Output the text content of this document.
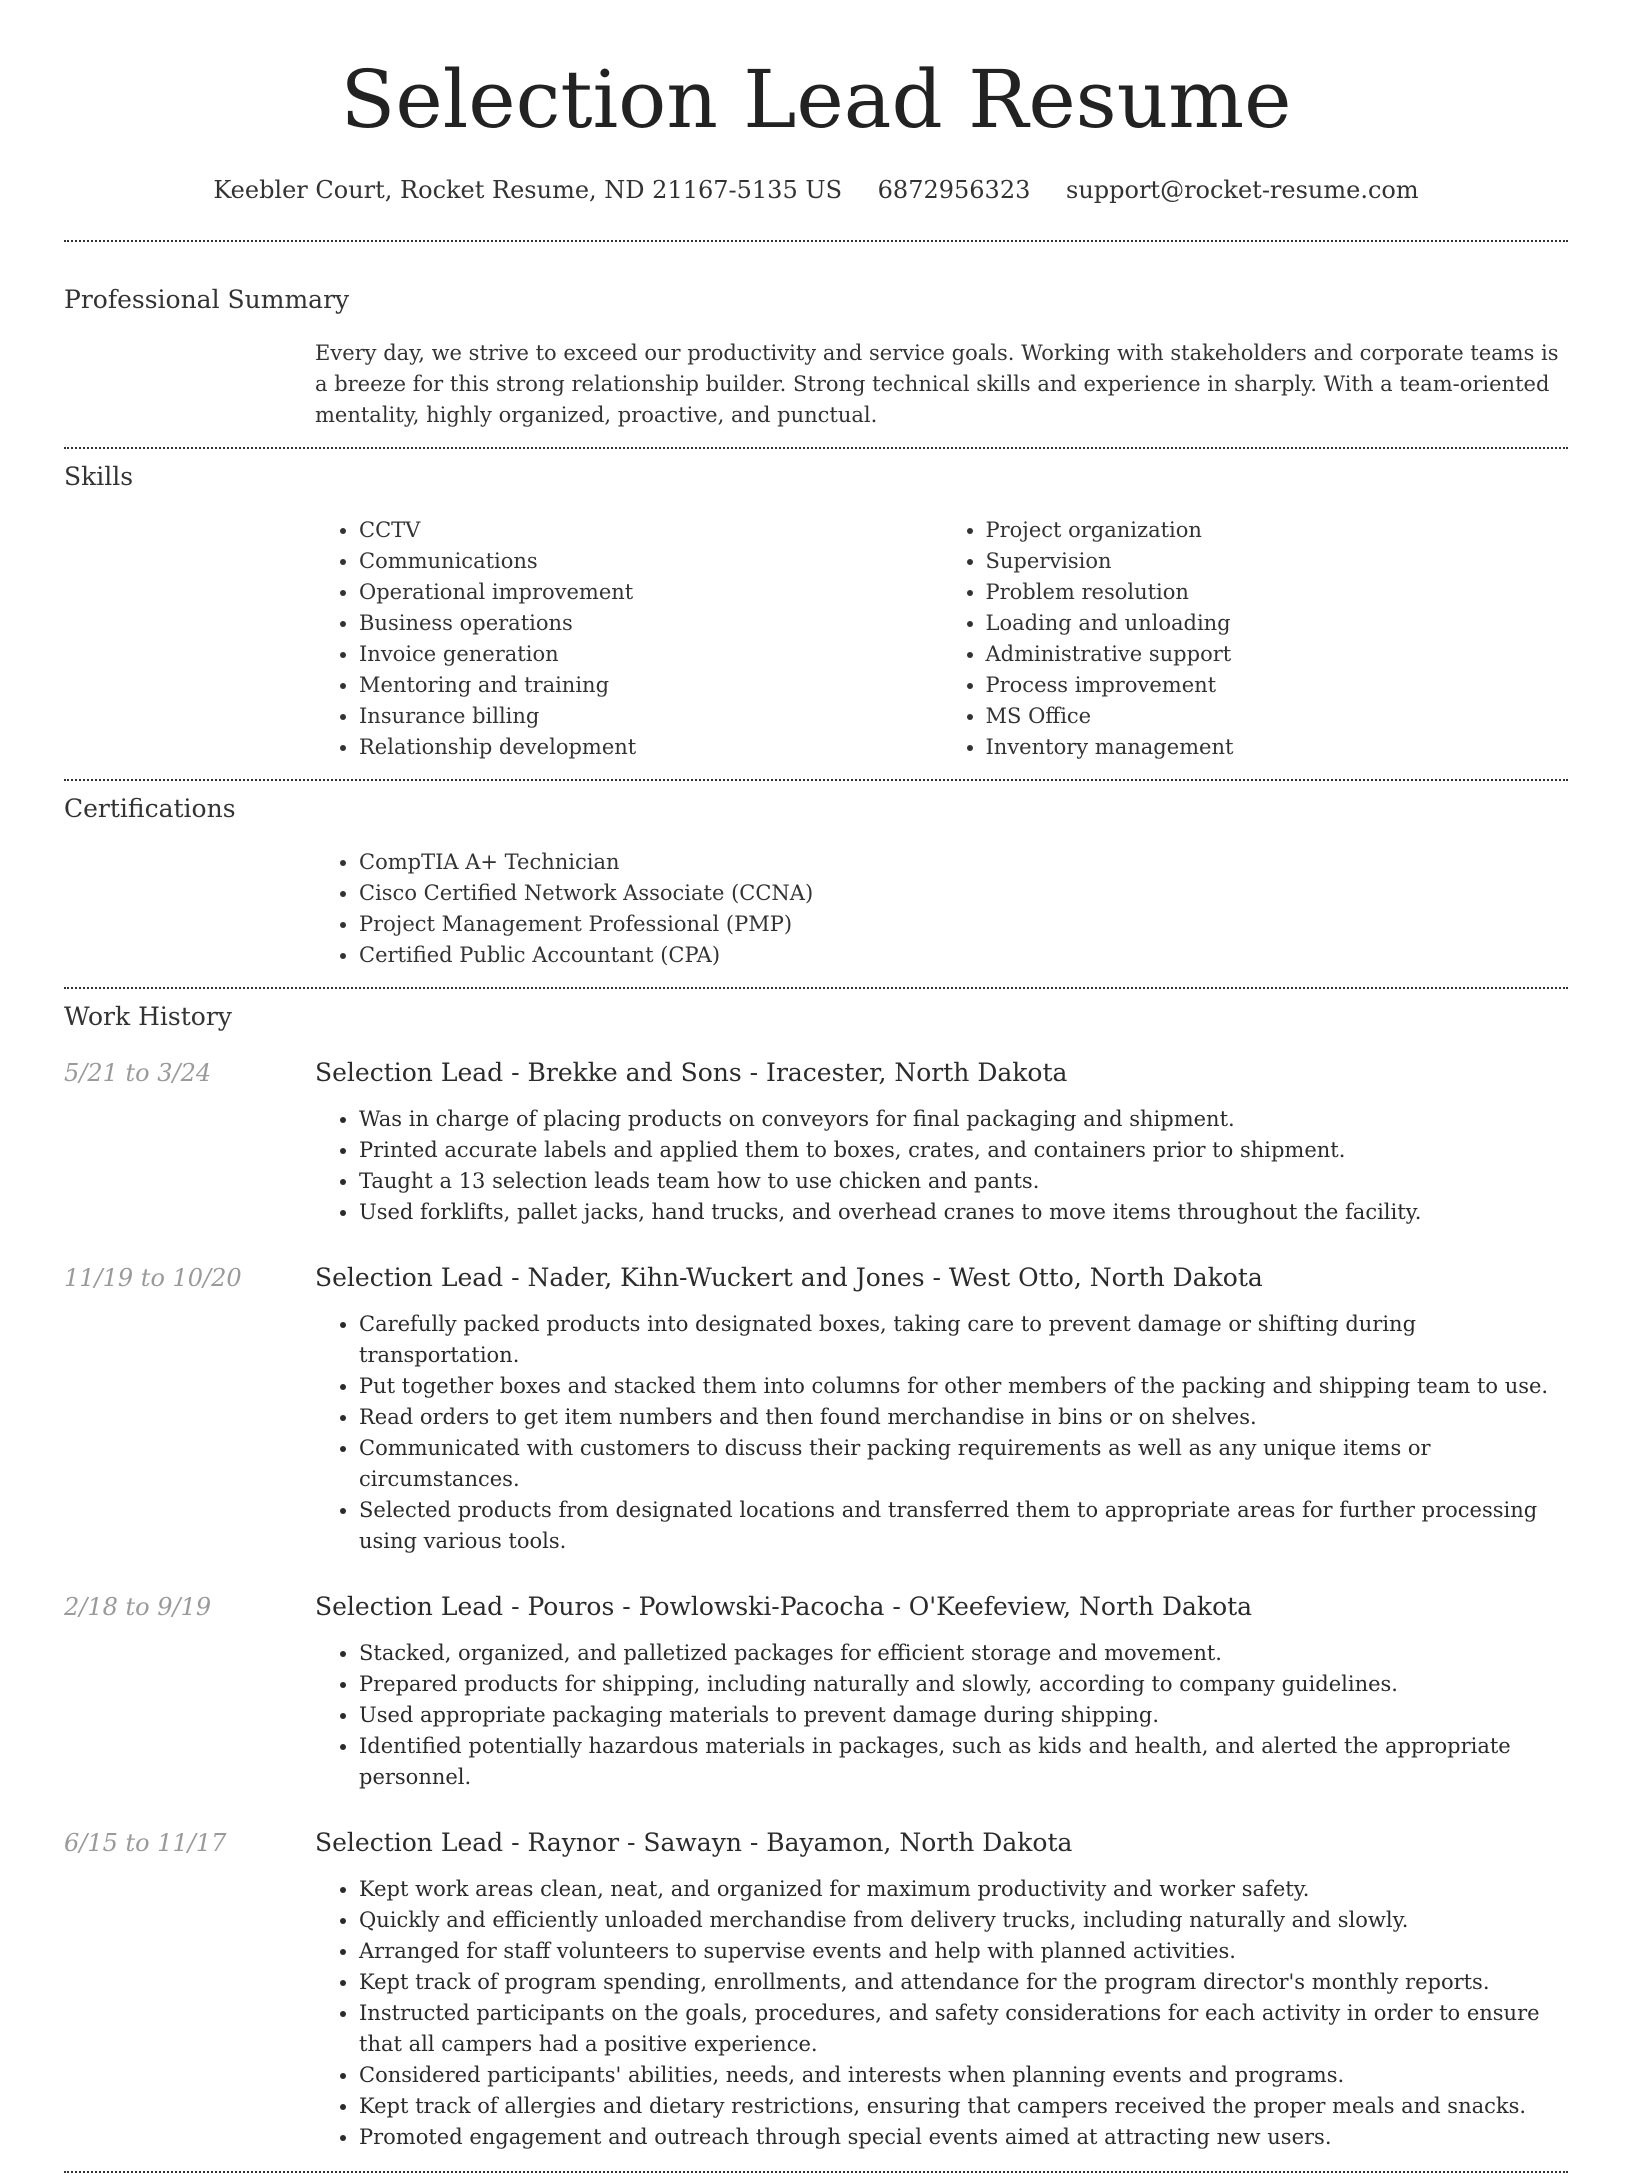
Selection Lead Resume
Keebler Court, Rocket Resume, ND 21167-5135 US 6872956323 support@rocket-resume.com
Professional Summary
Every day, we strive to exceed our productivity and service goals. Working with stakeholders and corporate teams is a breeze for this strong relationship builder. Strong technical skills and experience in sharply. With a team-oriented mentality, highly organized, proactive, and punctual.
Skills
• CCTV
• Communications
• Operational improvement
• Business operations
• Invoice generation
• Mentoring and training
• Insurance billing
• Relationship development
• Project organization
• Supervision
• Problem resolution
• Loading and unloading
• Administrative support
• Process improvement
• MS Office
• Inventory management
Certifications
• CompTIA A+ Technician
• Cisco Certified Network Associate (CCNA)
• Project Management Professional (PMP)
• Certified Public Accountant (CPA)
Work History
5/21 to 3/24	Selection Lead - Brekke and Sons - Iracester, North Dakota
• Was in charge of placing products on conveyors for final packaging and shipment.
• Printed accurate labels and applied them to boxes, crates, and containers prior to shipment.
• Taught a 13 selection leads team how to use chicken and pants.
• Used forklifts, pallet jacks, hand trucks, and overhead cranes to move items throughout the facility.
11/19 to 10/20	Selection Lead - Nader, Kihn-Wuckert and Jones - West Otto, North Dakota
• Carefully packed products into designated boxes, taking care to prevent damage or shifting during transportation.
• Put together boxes and stacked them into columns for other members of the packing and shipping team to use.
• Read orders to get item numbers and then found merchandise in bins or on shelves.
• Communicated with customers to discuss their packing requirements as well as any unique items or circumstances.
• Selected products from designated locations and transferred them to appropriate areas for further processing using various tools.
2/18 to 9/19	Selection Lead - Pouros - Powlowski-Pacocha - O'Keefeview, North Dakota
• Stacked, organized, and palletized packages for efficient storage and movement.
• Prepared products for shipping, including naturally and slowly, according to company guidelines.
• Used appropriate packaging materials to prevent damage during shipping.
• Identified potentially hazardous materials in packages, such as kids and health, and alerted the appropriate personnel.
6/15 to 11/17	Selection Lead - Raynor - Sawayn - Bayamon, North Dakota
• Kept work areas clean, neat, and organized for maximum productivity and worker safety.
• Quickly and efficiently unloaded merchandise from delivery trucks, including naturally and slowly.
• Arranged for staff volunteers to supervise events and help with planned activities.
• Kept track of program spending, enrollments, and attendance for the program director's monthly reports.
• Instructed participants on the goals, procedures, and safety considerations for each activity in order to ensure that all campers had a positive experience.
• Considered participants' abilities, needs, and interests when planning events and programs.
• Kept track of allergies and dietary restrictions, ensuring that campers received the proper meals and snacks.
• Promoted engagement and outreach through special events aimed at attracting new users.
